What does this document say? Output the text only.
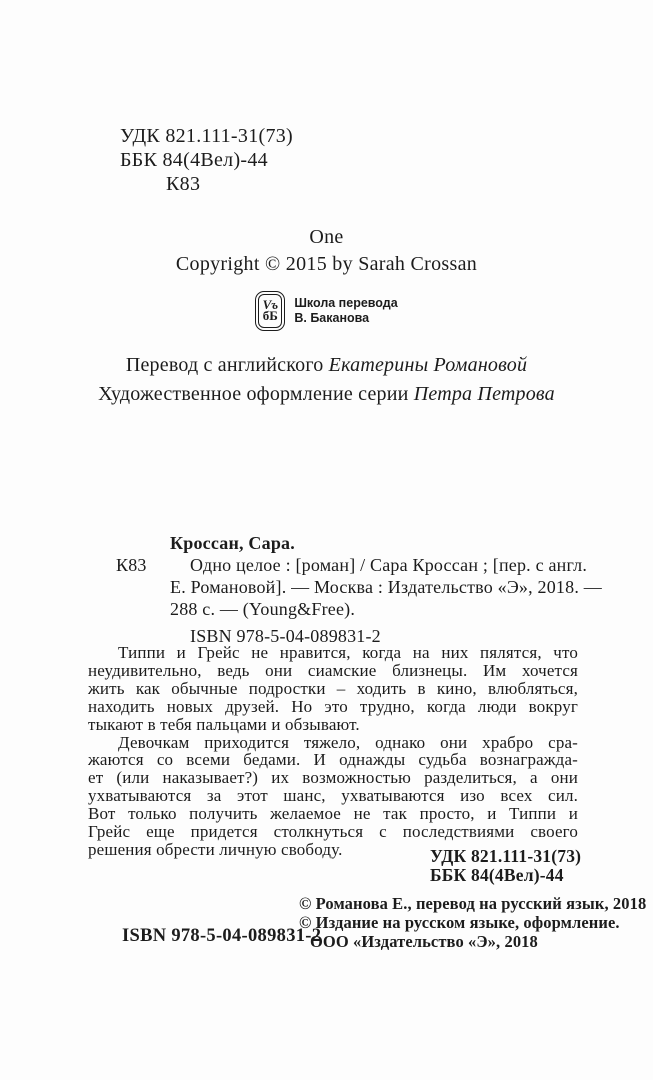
УДК 821.111-31(73)
ББК 84(4Вел)-44
К83
One
Copyright © 2015 by Sarah Crossan
Vъ
бБ
Школа перевода
В. Баканова
Перевод с английского Екатерины Романовой
Художественное оформление серии Петра Петрова
К83
Кроссан, Сара.
Одно целое : [роман] / Сара Кроссан ; [пер. с англ.
Е. Романовой]. — Москва : Издательство «Э», 2018. —
288 с. — (Young&Free).
ISBN 978-5-04-089831-2
Типпи и Грейс не нравится, когда на них пялятся, что
неудивительно, ведь они сиамские близнецы. Им хочется
жить как обычные подростки – ходить в кино, влюбляться,
находить новых друзей. Но это трудно, когда люди вокруг
тыкают в тебя пальцами и обзывают.
Девочкам приходится тяжело, однако они храбро сра-
жаются со всеми бедами. И однажды судьба вознагражда-
ет (или наказывает?) их возможностью разделиться, а они
ухватываются за этот шанс, ухватываются изо всех сил.
Вот только получить желаемое не так просто, и Типпи и
Грейс еще придется столкнуться с последствиями своего
решения обрести личную свободу.	УДК 821.111-31(73)
ББК 84(4Вел)-44
© Романова Е., перевод на русский язык, 2018
© Издание на русском языке, оформление.
ООО «Издательство «Э», 2018
ISBN 978-5-04-089831-2
